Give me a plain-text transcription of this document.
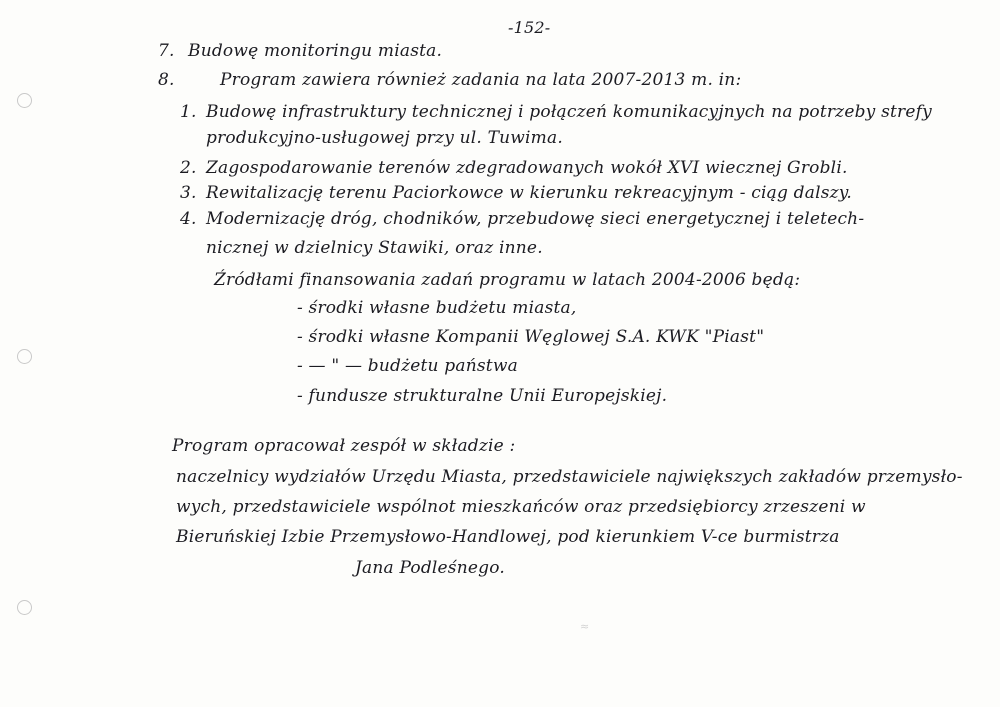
-152-
7. Budowę monitoringu miasta.
8.	Program zawiera również zadania na lata 2007-2013 m. in:
1. Budowę infrastruktury technicznej i połączeń komunikacyjnych na potrzeby strefy
produkcyjno-usługowej przy ul. Tuwima.
2. Zagospodarowanie terenów zdegradowanych wokół XVI wiecznej Grobli.
3. Rewitalizację terenu Paciorkowce w kierunku rekreacyjnym - ciąg dalszy.
4. Modernizację dróg, chodników, przebudowę sieci energetycznej i teletech-
nicznej w dzielnicy Stawiki, oraz inne.
Źródłami finansowania zadań programu w latach 2004-2006 będą:
- środki własne budżetu miasta,
- środki własne Kompanii Węglowej S.A. KWK "Piast"
- — " — budżetu państwa
- fundusze strukturalne Unii Europejskiej.
Program opracował zespół w składzie :
naczelnicy wydziałów Urzędu Miasta, przedstawiciele największych zakładów przemysło-
wych, przedstawiciele wspólnot mieszkańców oraz przedsiębiorcy zrzeszeni w
Bieruńskiej Izbie Przemysłowo-Handlowej, pod kierunkiem V-ce burmistrza
Jana Podleśnego.
≈
